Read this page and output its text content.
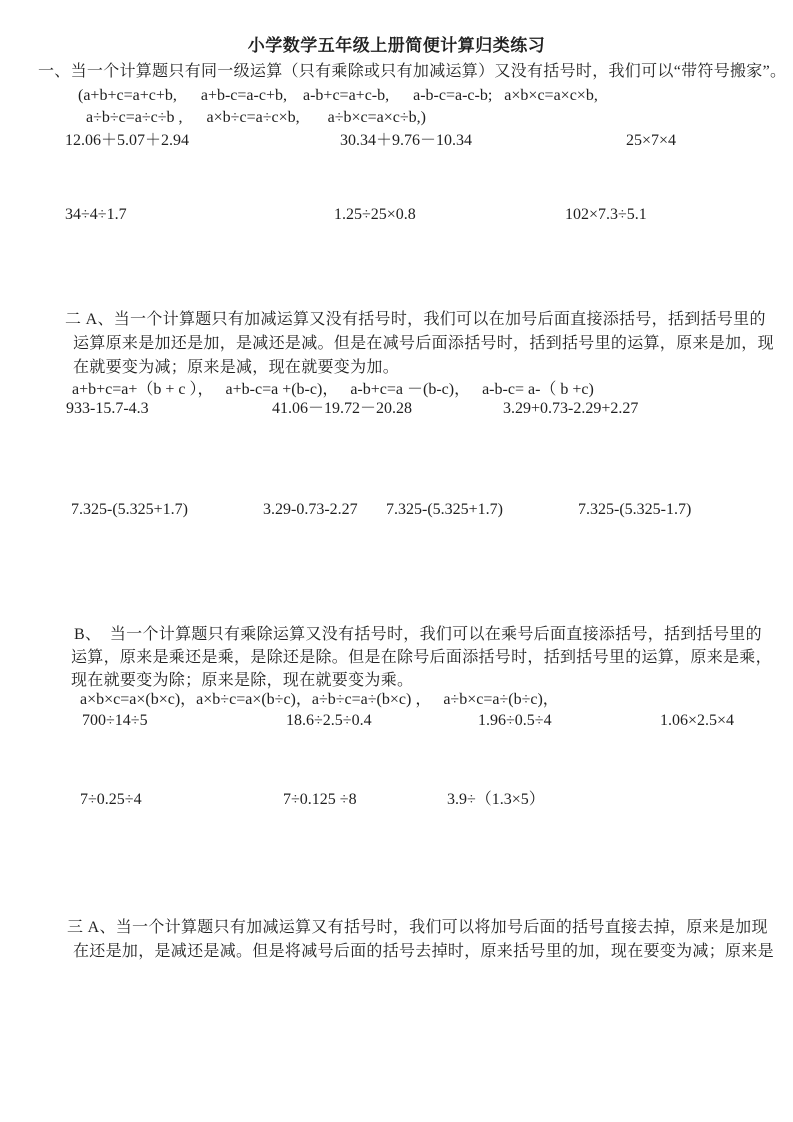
小学数学五年级上册简便计算归类练习
一、当一个计算题只有同一级运算（只有乘除或只有加减运算）又没有括号时，我们可以“带符号搬家”。
(a+b+c=a+c+b,      a+b-c=a-c+b,    a-b+c=a+c-b,      a-b-c=a-c-b;   a×b×c=a×c×b,
a÷b÷c=a÷c÷b ,      a×b÷c=a÷c×b,       a÷b×c=a×c÷b,)
12.06＋5.07＋2.94	30.34＋9.76－10.34	25×7×4
34÷4÷1.7	1.25÷25×0.8	102×7.3÷5.1
二 A、当一个计算题只有加减运算又没有括号时，我们可以在加号后面直接添括号，括到括号里的
运算原来是加还是加，是减还是减。但是在减号后面添括号时，括到括号里的运算，原来是加，现
在就要变为减；原来是减，现在就要变为加。
a+b+c=a+（b + c ），   a+b-c=a +(b-c)，   a-b+c=a －(b-c)，   a-b-c= a-（ b +c)
933-15.7-4.3	41.06－19.72－20.28	3.29+0.73-2.29+2.27
7.325-(5.325+1.7)	3.29-0.73-2.27 7.325-(5.325+1.7)	7.325-(5.325-1.7)
B、  当一个计算题只有乘除运算又没有括号时，我们可以在乘号后面直接添括号，括到括号里的
运算，原来是乘还是乘，是除还是除。但是在除号后面添括号时，括到括号里的运算，原来是乘，
现在就要变为除；原来是除，现在就要变为乘。
a×b×c=a×(b×c)，a×b÷c=a×(b÷c)，a÷b÷c=a÷(b×c) ，   a÷b×c=a÷(b÷c)，
700÷14÷5	18.6÷2.5÷0.4	1.96÷0.5÷4	1.06×2.5×4
7÷0.25÷4	7÷0.125 ÷8	3.9÷（1.3×5）
三 A、当一个计算题只有加减运算又有括号时，我们可以将加号后面的括号直接去掉，原来是加现
在还是加，是减还是减。但是将减号后面的括号去掉时，原来括号里的加，现在要变为减；原来是
